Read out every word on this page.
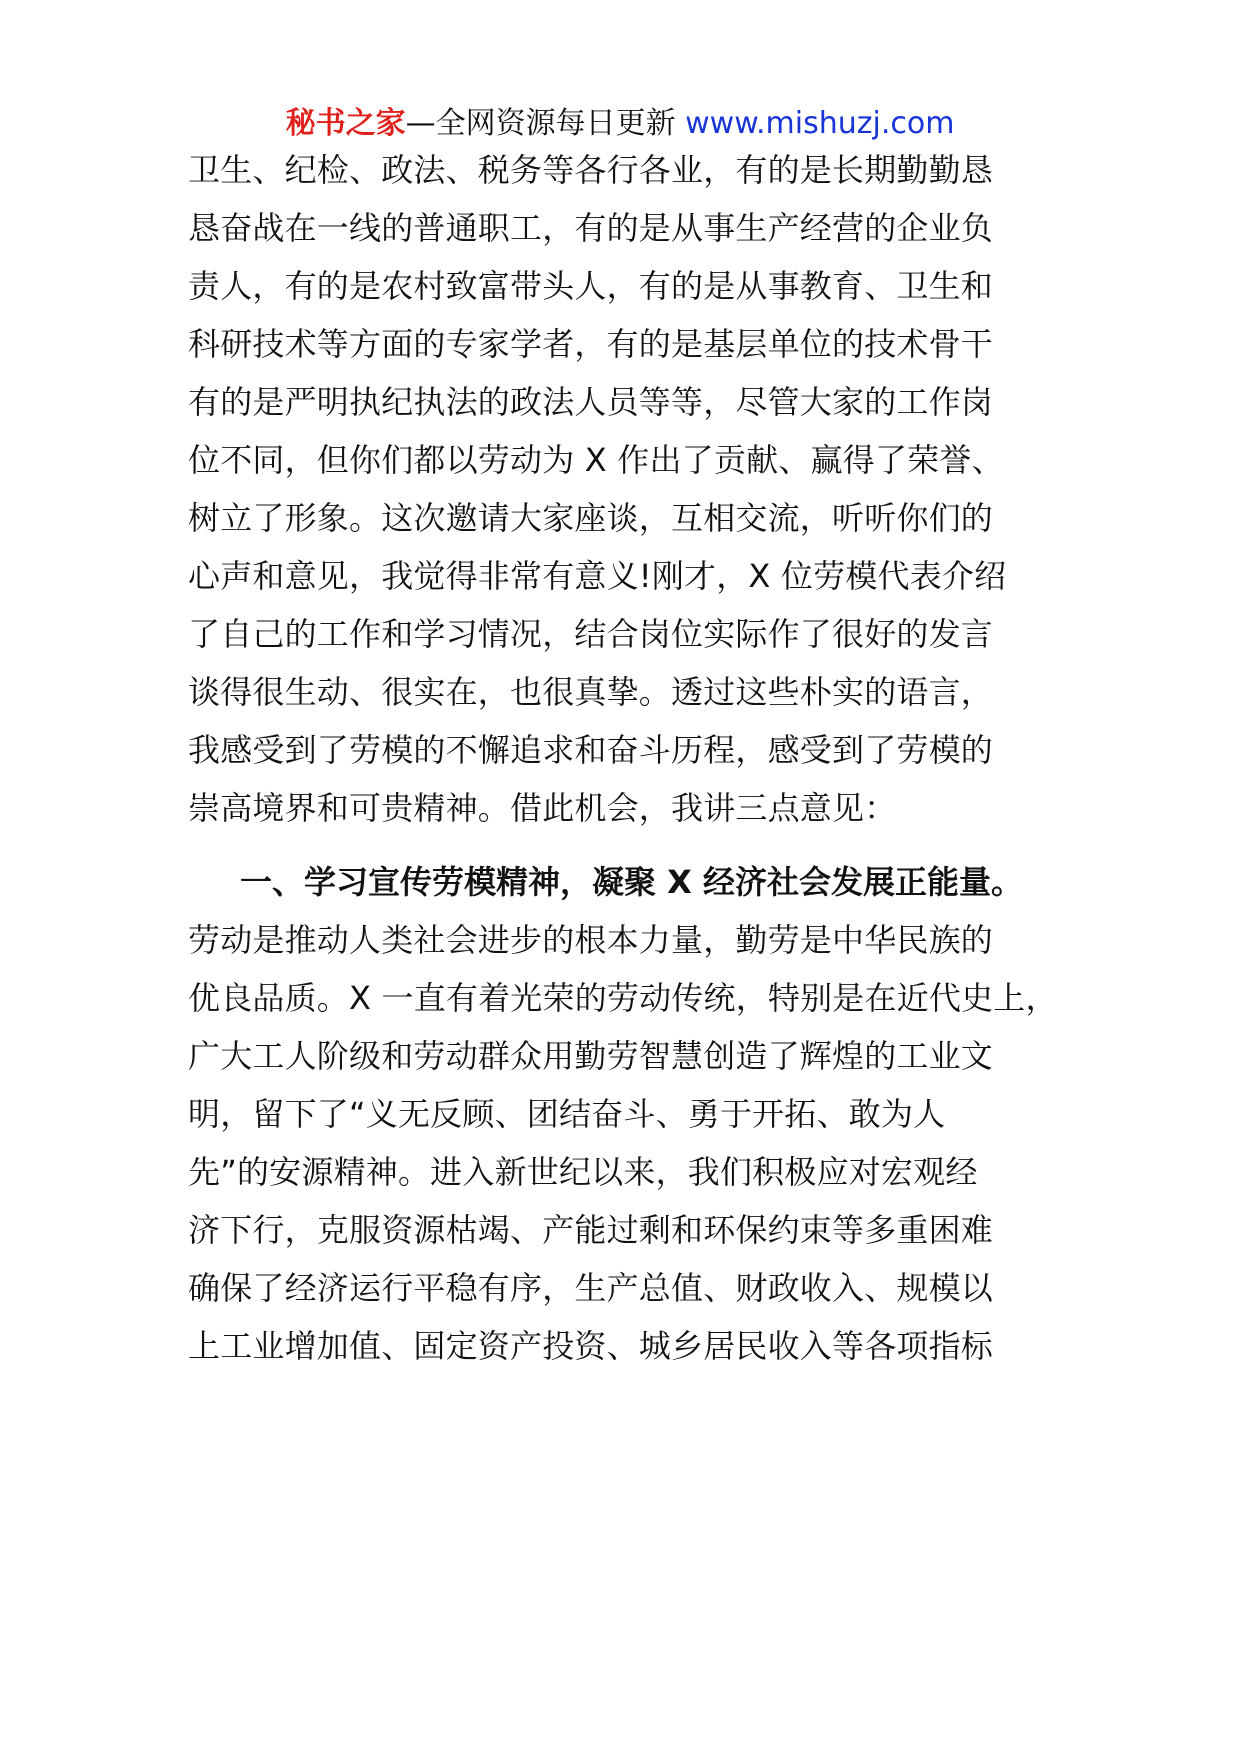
秘书之家—全网资源每日更新 www.mishuzj.com
卫生、纪检、政法、税务等各行各业，有的是长期勤勤恳
恳奋战在一线的普通职工，有的是从事生产经营的企业负
责人，有的是农村致富带头人，有的是从事教育、卫生和
科研技术等方面的专家学者，有的是基层单位的技术骨干
有的是严明执纪执法的政法人员等等，尽管大家的工作岗
位不同，但你们都以劳动为 X 作出了贡献、赢得了荣誉、
树立了形象。这次邀请大家座谈，互相交流，听听你们的
心声和意见，我觉得非常有意义!刚才，X 位劳模代表介绍
了自己的工作和学习情况，结合岗位实际作了很好的发言
谈得很生动、很实在，也很真挚。透过这些朴实的语言，
我感受到了劳模的不懈追求和奋斗历程，感受到了劳模的
崇高境界和可贵精神。借此机会，我讲三点意见：
一、学习宣传劳模精神，凝聚 X 经济社会发展正能量。
劳动是推动人类社会进步的根本力量，勤劳是中华民族的
优良品质。X 一直有着光荣的劳动传统，特别是在近代史上，
广大工人阶级和劳动群众用勤劳智慧创造了辉煌的工业文
明，留下了“义无反顾、团结奋斗、勇于开拓、敢为人
先”的安源精神。进入新世纪以来，我们积极应对宏观经
济下行，克服资源枯竭、产能过剩和环保约束等多重困难
确保了经济运行平稳有序，生产总值、财政收入、规模以
上工业增加值、固定资产投资、城乡居民收入等各项指标
